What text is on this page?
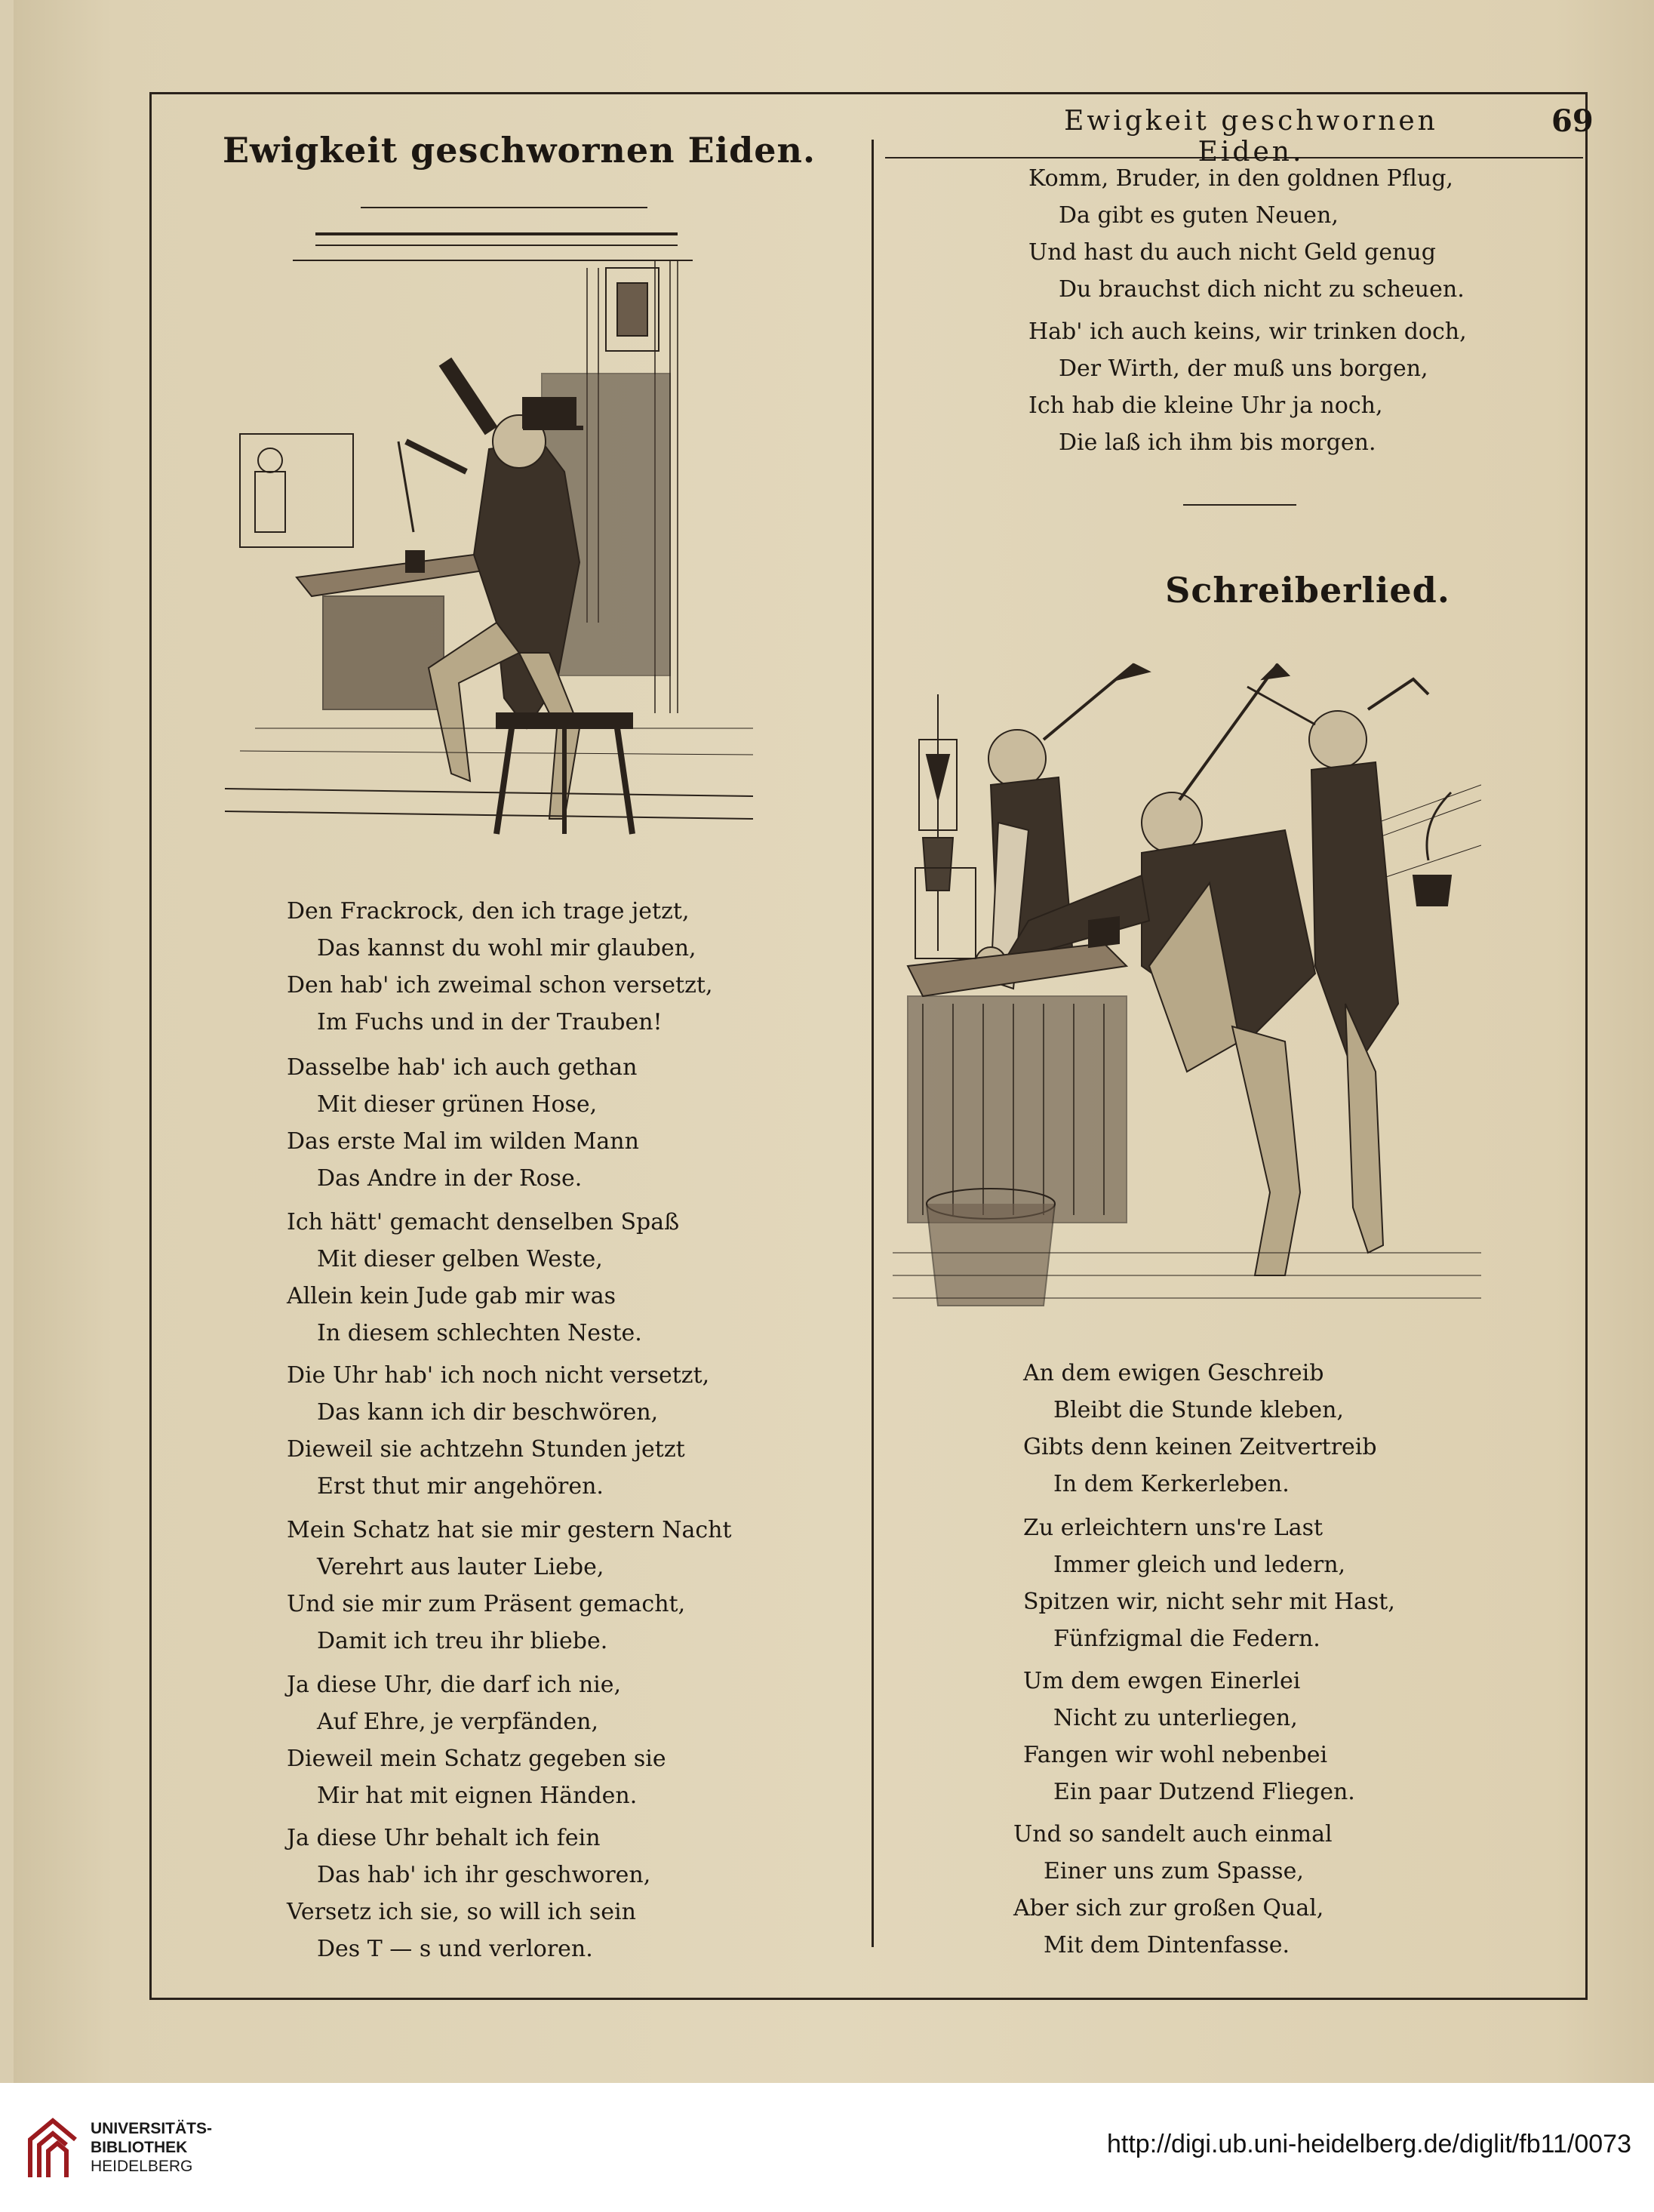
Ewigkeit geschwornen Eiden.
69
Ewigkeit geschwornen Eiden.
Den Frackrock, den ich trage jetzt,
Das kannst du wohl mir glauben,
Den hab' ich zweimal schon versetzt,
Im Fuchs und in der Trauben!
Dasselbe hab' ich auch gethan
Mit dieser grünen Hose,
Das erste Mal im wilden Mann
Das Andre in der Rose.
Ich hätt' gemacht denselben Spaß
Mit dieser gelben Weste,
Allein kein Jude gab mir was
In diesem schlechten Neste.
Die Uhr hab' ich noch nicht versetzt,
Das kann ich dir beschwören,
Dieweil sie achtzehn Stunden jetzt
Erst thut mir angehören.
Mein Schatz hat sie mir gestern Nacht
Verehrt aus lauter Liebe,
Und sie mir zum Präsent gemacht,
Damit ich treu ihr bliebe.
Ja diese Uhr, die darf ich nie,
Auf Ehre, je verpfänden,
Dieweil mein Schatz gegeben sie
Mir hat mit eignen Händen.
Ja diese Uhr behalt ich fein
Das hab' ich ihr geschworen,
Versetz ich sie, so will ich sein
Des T — s und verloren.
Komm, Bruder, in den goldnen Pflug,
Da gibt es guten Neuen,
Und hast du auch nicht Geld genug
Du brauchst dich nicht zu scheuen.
Hab' ich auch keins, wir trinken doch,
Der Wirth, der muß uns borgen,
Ich hab die kleine Uhr ja noch,
Die laß ich ihm bis morgen.
Schreiberlied.
An dem ewigen Geschreib
Bleibt die Stunde kleben,
Gibts denn keinen Zeitvertreib
In dem Kerkerleben.
Zu erleichtern uns're Last
Immer gleich und ledern,
Spitzen wir, nicht sehr mit Hast,
Fünfzigmal die Federn.
Um dem ewgen Einerlei
Nicht zu unterliegen,
Fangen wir wohl nebenbei
Ein paar Dutzend Fliegen.
Und so sandelt auch einmal
Einer uns zum Spasse,
Aber sich zur großen Qual,
Mit dem Dintenfasse.
UNIVERSITÄTS-
BIBLIOTHEK
HEIDELBERG
http://digi.ub.uni-heidelberg.de/diglit/fb11/0073
